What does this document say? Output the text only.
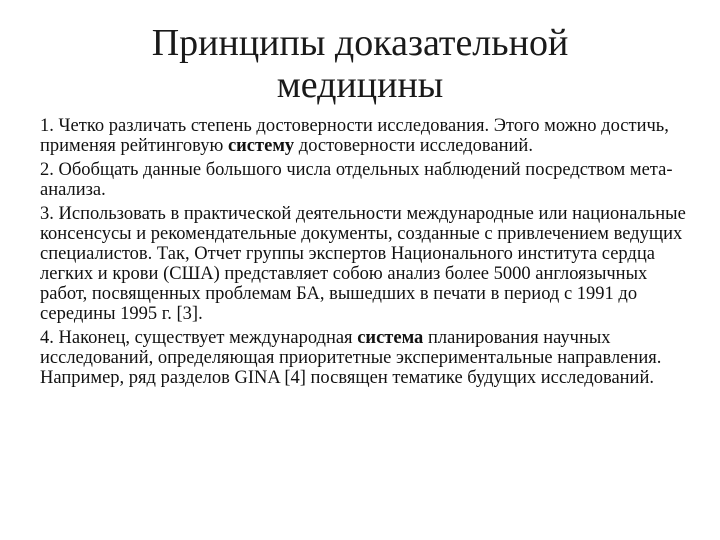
Принципы доказательной
медицины

1. Четко различать степень достоверности исследования. Этого можно достичь, применяя рейтинговую систему достоверности исследований.

2. Обобщать данные большого числа отдельных наблюдений посредством мета-анализа.

3. Использовать в практической деятельности международные или национальные консенсусы и рекомендательные документы, созданные с привлечением ведущих специалистов. Так, Отчет группы экспертов Национального института сердца легких и крови (США) представляет собою анализ более 5000 англоязычных работ, посвященных проблемам БА, вышедших в печати в период с 1991 до середины 1995 г. [3].

4. Наконец, существует международная система планирования научных исследований, определяющая приоритетные экспериментальные направления. Например, ряд разделов GINA [4] посвящен тематике будущих исследований.
